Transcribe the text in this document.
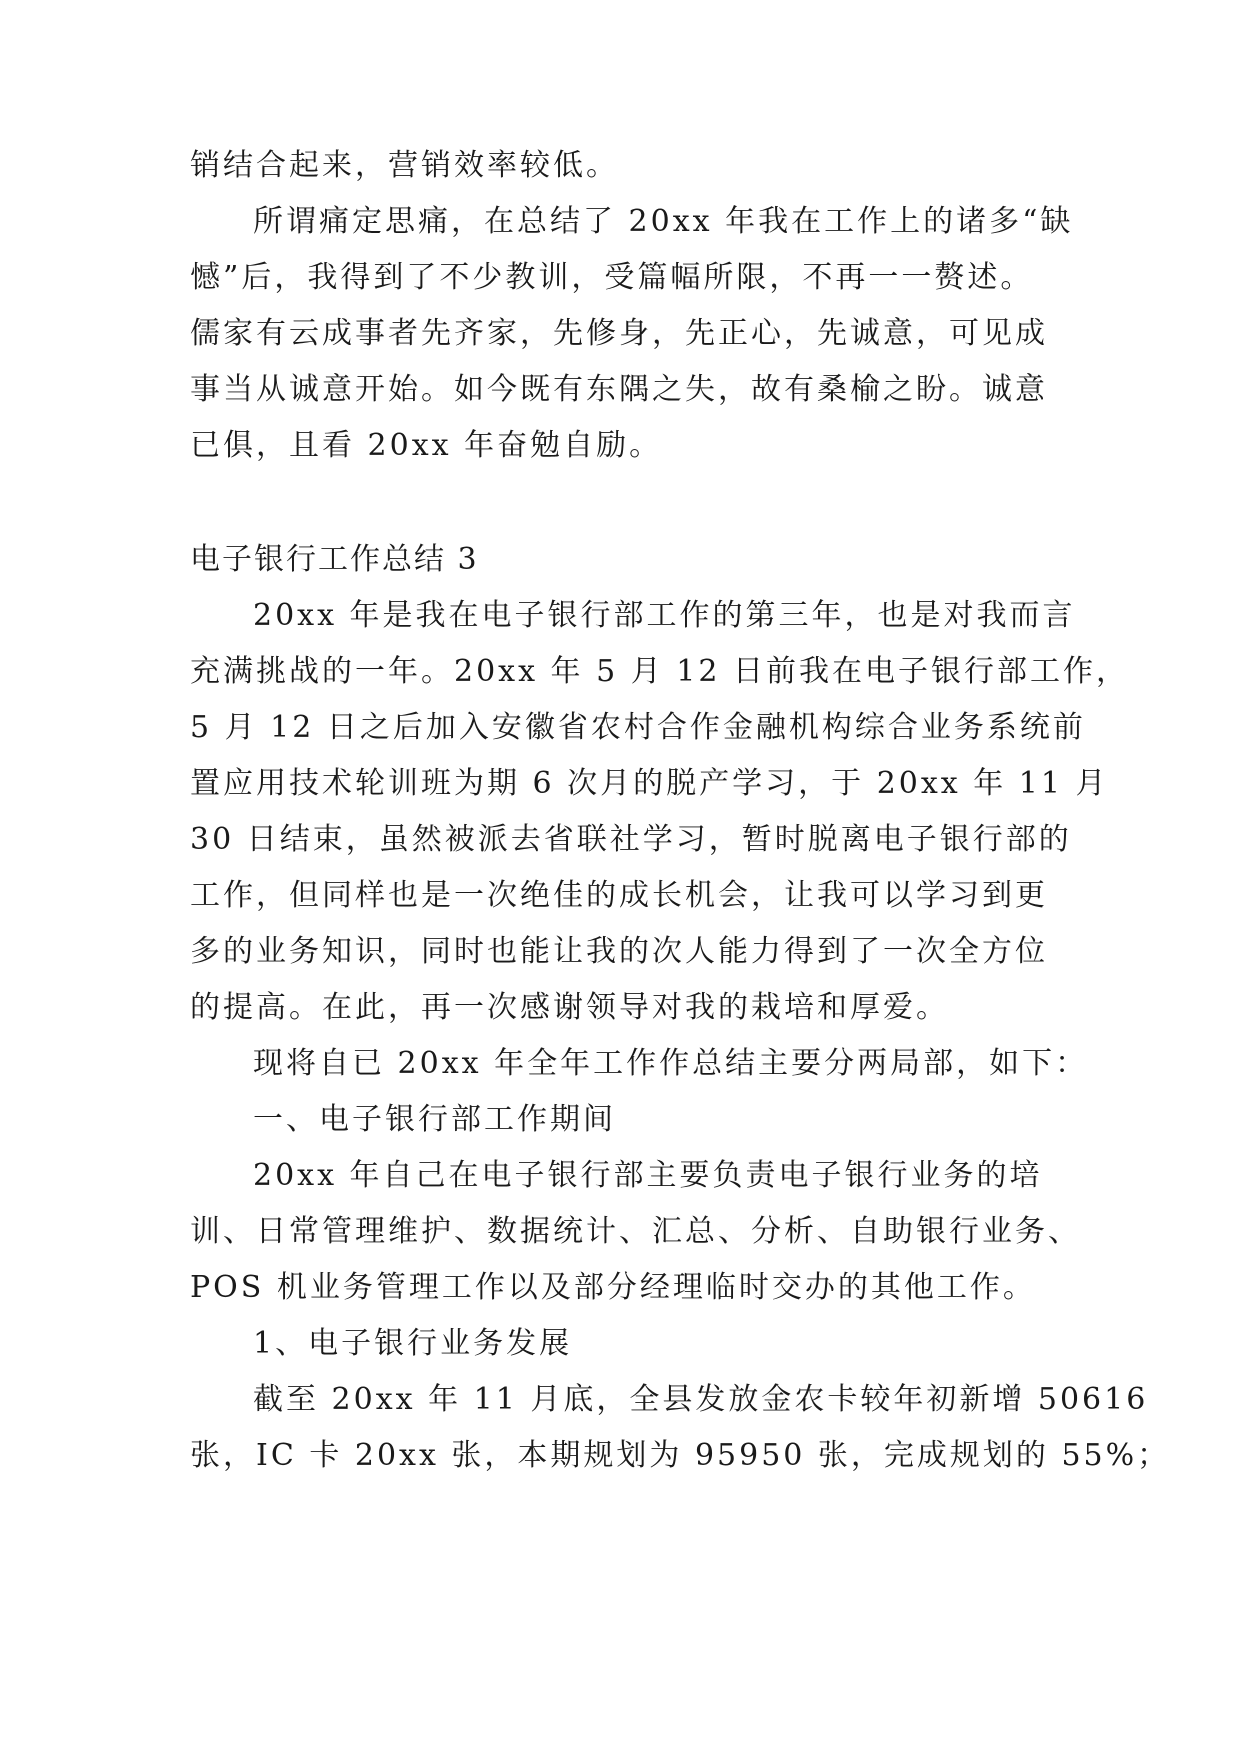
销结合起来，营销效率较低。
所谓痛定思痛，在总结了 20xx 年我在工作上的诸多“缺
憾”后，我得到了不少教训，受篇幅所限，不再一一赘述。
儒家有云成事者先齐家，先修身，先正心，先诚意，可见成
事当从诚意开始。如今既有东隅之失，故有桑榆之盼。诚意
已俱，且看 20xx 年奋勉自励。
电子银行工作总结 3
20xx 年是我在电子银行部工作的第三年，也是对我而言
充满挑战的一年。20xx 年 5 月 12 日前我在电子银行部工作，
5 月 12 日之后加入安徽省农村合作金融机构综合业务系统前
置应用技术轮训班为期 6 次月的脱产学习，于 20xx 年 11 月
30 日结束，虽然被派去省联社学习，暂时脱离电子银行部的
工作，但同样也是一次绝佳的成长机会，让我可以学习到更
多的业务知识，同时也能让我的次人能力得到了一次全方位
的提高。在此，再一次感谢领导对我的栽培和厚爱。
现将自已 20xx 年全年工作作总结主要分两局部，如下：
一、电子银行部工作期间
20xx 年自己在电子银行部主要负责电子银行业务的培
训、日常管理维护、数据统计、汇总、分析、自助银行业务、
POS 机业务管理工作以及部分经理临时交办的其他工作。
1、电子银行业务发展
截至 20xx 年 11 月底，全县发放金农卡较年初新增 50616
张，IC 卡 20xx 张，本期规划为 95950 张，完成规划的 55%；
